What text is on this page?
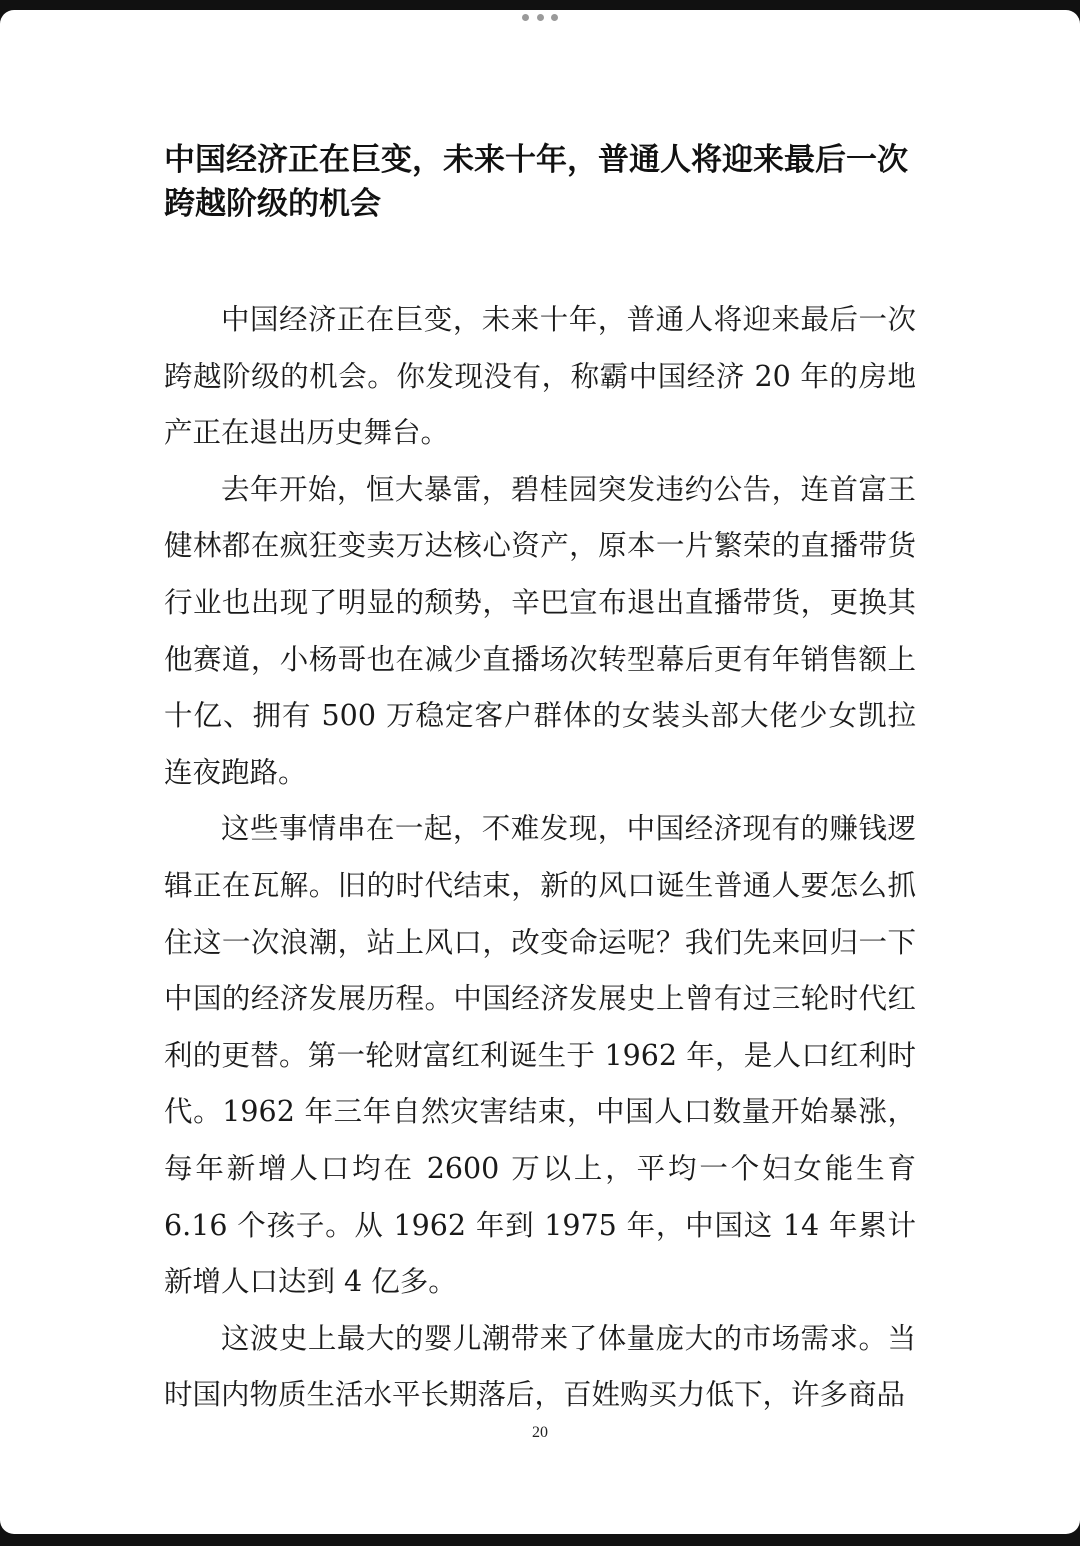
中国经济正在巨变，未来十年，普通人将迎来最后一次跨越阶级的机会

中国经济正在巨变，未来十年，普通人将迎来最后一次跨越阶级的机会。你发现没有，称霸中国经济 20 年的房地产正在退出历史舞台。

去年开始，恒大暴雷，碧桂园突发违约公告，连首富王健林都在疯狂变卖万达核心资产，原本一片繁荣的直播带货行业也出现了明显的颓势，辛巴宣布退出直播带货，更换其他赛道，小杨哥也在减少直播场次转型幕后更有年销售额上十亿、拥有 500 万稳定客户群体的女装头部大佬少女凯拉连夜跑路。

这些事情串在一起，不难发现，中国经济现有的赚钱逻辑正在瓦解。旧的时代结束，新的风口诞生普通人要怎么抓住这一次浪潮，站上风口，改变命运呢？我们先来回归一下中国的经济发展历程。中国经济发展史上曾有过三轮时代红利的更替。第一轮财富红利诞生于 1962 年，是人口红利时代。1962 年三年自然灾害结束，中国人口数量开始暴涨，每年新增人口均在 2600 万以上，平均一个妇女能生育 6.16 个孩子。从 1962 年到 1975 年，中国这 14 年累计新增人口达到 4 亿多。

这波史上最大的婴儿潮带来了体量庞大的市场需求。当时国内物质生活水平长期落后，百姓购买力低下，许多商品

20
